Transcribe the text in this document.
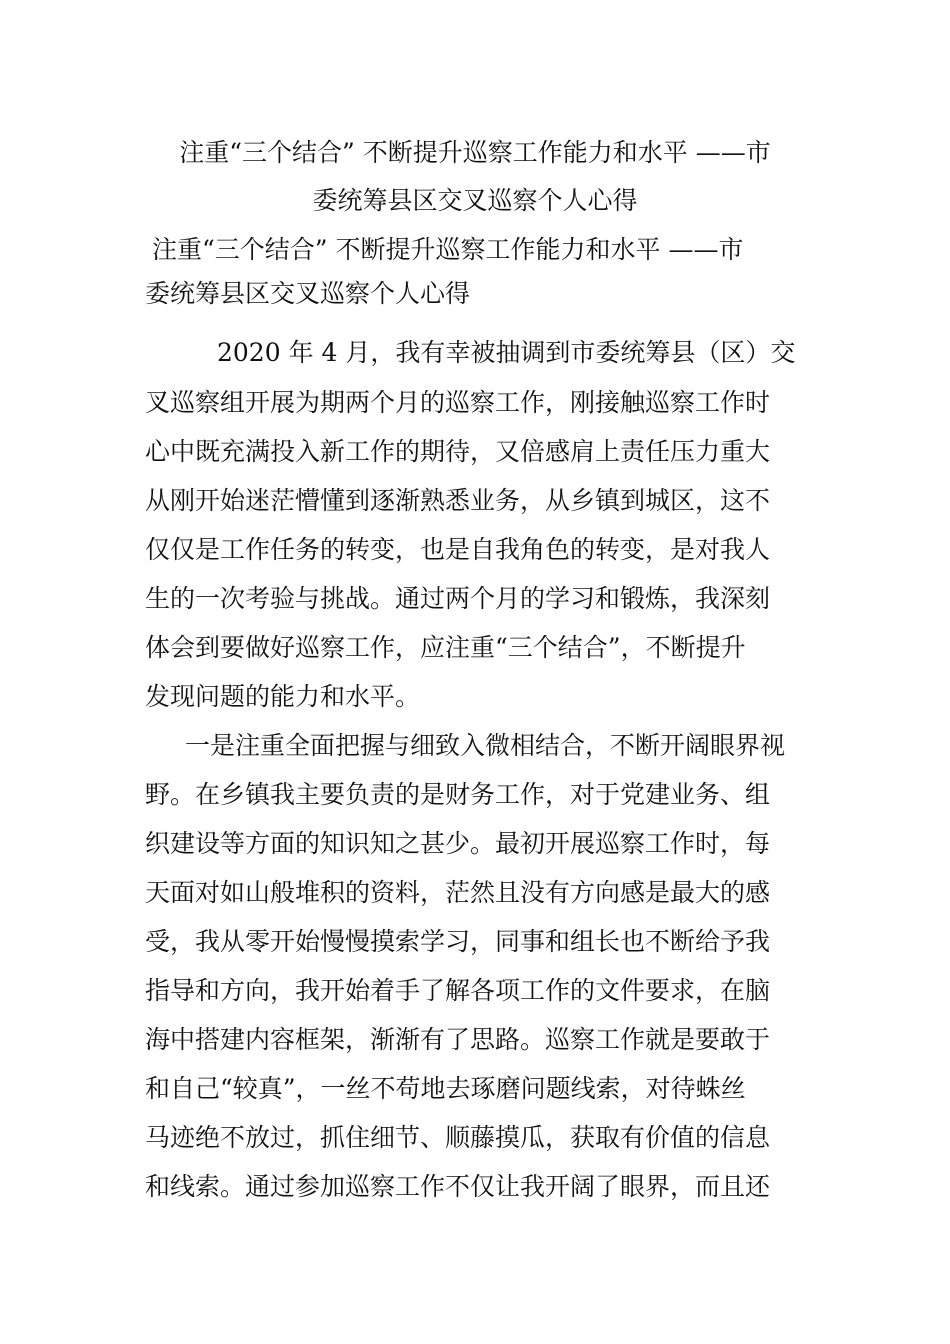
注重“三个结合” 不断提升巡察工作能力和水平 ——市
委统筹县区交叉巡察个人心得
注重“三个结合” 不断提升巡察工作能力和水平 ——市
委统筹县区交叉巡察个人心得
2020 年 4 月，我有幸被抽调到市委统筹县（区）交
叉巡察组开展为期两个月的巡察工作，刚接触巡察工作时
心中既充满投入新工作的期待，又倍感肩上责任压力重大
从刚开始迷茫懵懂到逐渐熟悉业务，从乡镇到城区，这不
仅仅是工作任务的转变，也是自我角色的转变，是对我人
生的一次考验与挑战。通过两个月的学习和锻炼，我深刻
体会到要做好巡察工作，应注重“三个结合”，不断提升
发现问题的能力和水平。
一是注重全面把握与细致入微相结合，不断开阔眼界视
野。在乡镇我主要负责的是财务工作，对于党建业务、组
织建设等方面的知识知之甚少。最初开展巡察工作时，每
天面对如山般堆积的资料，茫然且没有方向感是最大的感
受，我从零开始慢慢摸索学习，同事和组长也不断给予我
指导和方向，我开始着手了解各项工作的文件要求，在脑
海中搭建内容框架，渐渐有了思路。巡察工作就是要敢于
和自己“较真”，一丝不苟地去琢磨问题线索，对待蛛丝
马迹绝不放过，抓住细节、顺藤摸瓜，获取有价值的信息
和线索。通过参加巡察工作不仅让我开阔了眼界，而且还
